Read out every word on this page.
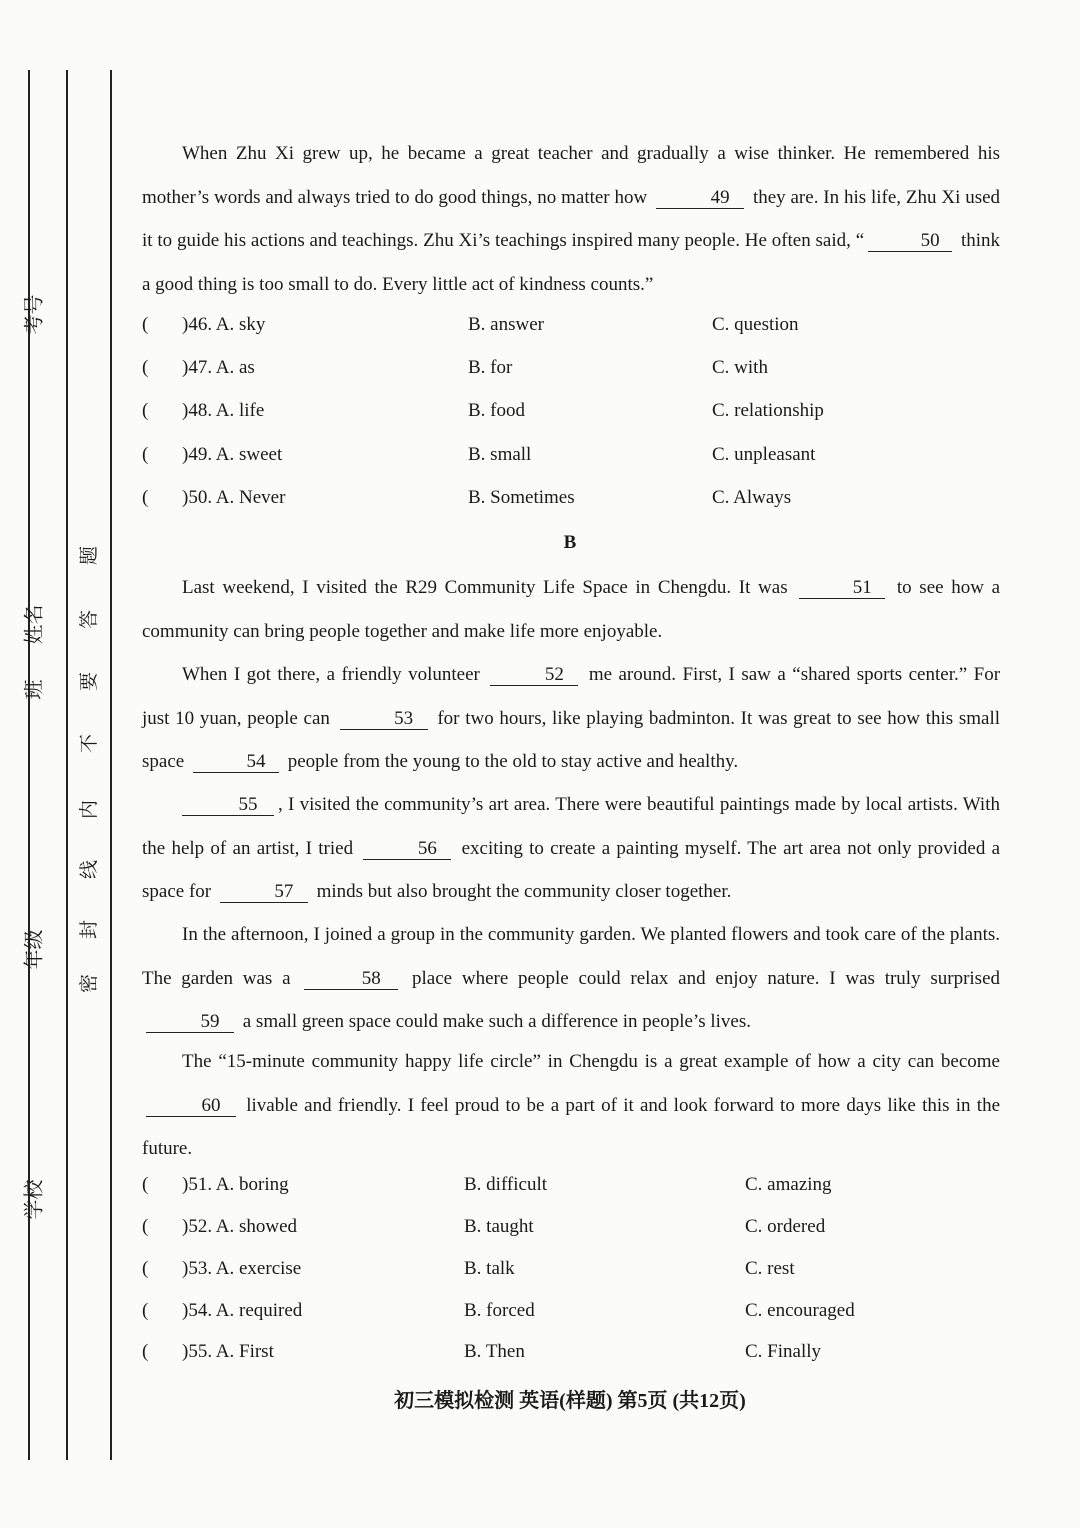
考号
姓名
班
年级
学校
密
封
线
内
不
要
答
题
When Zhu Xi grew up, he became a great teacher and gradually a wise thinker. He remembered his mother’s words and always tried to do good things, no matter how	49 they are. In his life, Zhu Xi used it to guide his actions and teachings. Zhu Xi’s teachings inspired many people. He often said, “	50 think a good thing is too small to do. Every little act of kindness counts.”
( )46. A. sky	B. answer	C. question
( )47. A. as	B. for	C. with
( )48. A. life	B. food	C. relationship
( )49. A. sweet	B. small	C. unpleasant
( )50. A. Never	B. Sometimes	C. Always
B
Last weekend, I visited the R29 Community Life Space in Chengdu. It was	51 to see how a community can bring people together and make life more enjoyable.
When I got there, a friendly volunteer	52 me around. First, I saw a “shared sports center.” For just 10 yuan, people can	53 for two hours, like playing badminton. It was great to see how this small space	54 people from the young to the old to stay active and healthy.
55 , I visited the community’s art area. There were beautiful paintings made by local artists. With the help of an artist, I tried	56 exciting to create a painting myself. The art area not only provided a space for	57 minds but also brought the community closer together.
In the afternoon, I joined a group in the community garden. We planted flowers and took care of the plants. The garden was a	58 place where people could relax and enjoy nature. I was truly surprised 59 a small green space could make such a difference in people’s lives.
The “15-minute community happy life circle” in Chengdu is a great example of how a city can become 60 livable and friendly. I feel proud to be a part of it and look forward to more days like this in the future.
( )51. A. boring	B. difficult	C. amazing
( )52. A. showed	B. taught	C. ordered
( )53. A. exercise	B. talk	C. rest
( )54. A. required	B. forced	C. encouraged
( )55. A. First	B. Then	C. Finally
初三模拟检测 英语(样题) 第5页 (共12页)
